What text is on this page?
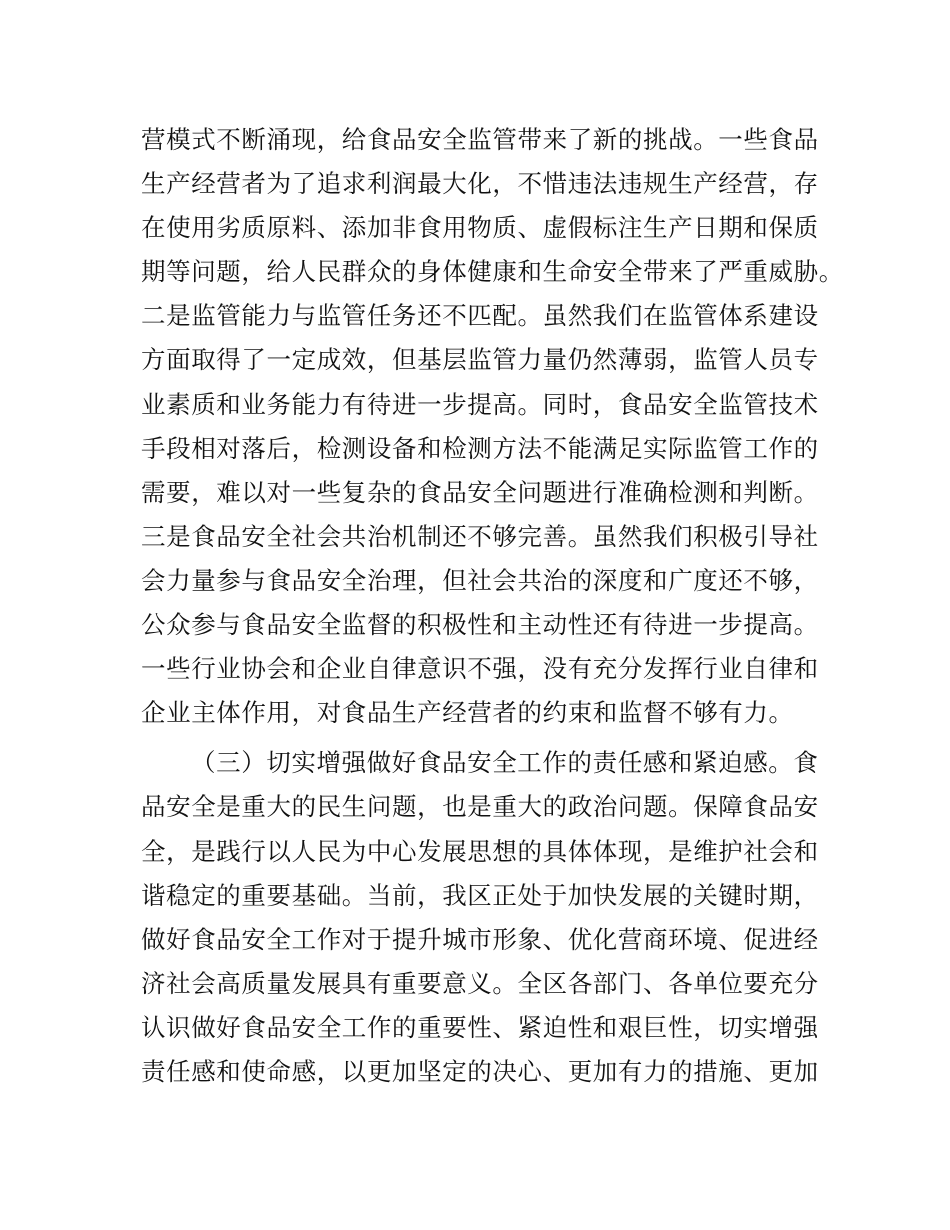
营模式不断涌现，给食品安全监管带来了新的挑战。一些食品
生产经营者为了追求利润最大化，不惜违法违规生产经营，存
在使用劣质原料、添加非食用物质、虚假标注生产日期和保质
期等问题，给人民群众的身体健康和生命安全带来了严重威胁。
二是监管能力与监管任务还不匹配。虽然我们在监管体系建设
方面取得了一定成效，但基层监管力量仍然薄弱，监管人员专
业素质和业务能力有待进一步提高。同时，食品安全监管技术
手段相对落后，检测设备和检测方法不能满足实际监管工作的
需要，难以对一些复杂的食品安全问题进行准确检测和判断。
三是食品安全社会共治机制还不够完善。虽然我们积极引导社
会力量参与食品安全治理，但社会共治的深度和广度还不够，
公众参与食品安全监督的积极性和主动性还有待进一步提高。
一些行业协会和企业自律意识不强，没有充分发挥行业自律和
企业主体作用，对食品生产经营者的约束和监督不够有力。
（三）切实增强做好食品安全工作的责任感和紧迫感。食
品安全是重大的民生问题，也是重大的政治问题。保障食品安
全，是践行以人民为中心发展思想的具体体现，是维护社会和
谐稳定的重要基础。当前，我区正处于加快发展的关键时期，
做好食品安全工作对于提升城市形象、优化营商环境、促进经
济社会高质量发展具有重要意义。全区各部门、各单位要充分
认识做好食品安全工作的重要性、紧迫性和艰巨性，切实增强
责任感和使命感，以更加坚定的决心、更加有力的措施、更加
